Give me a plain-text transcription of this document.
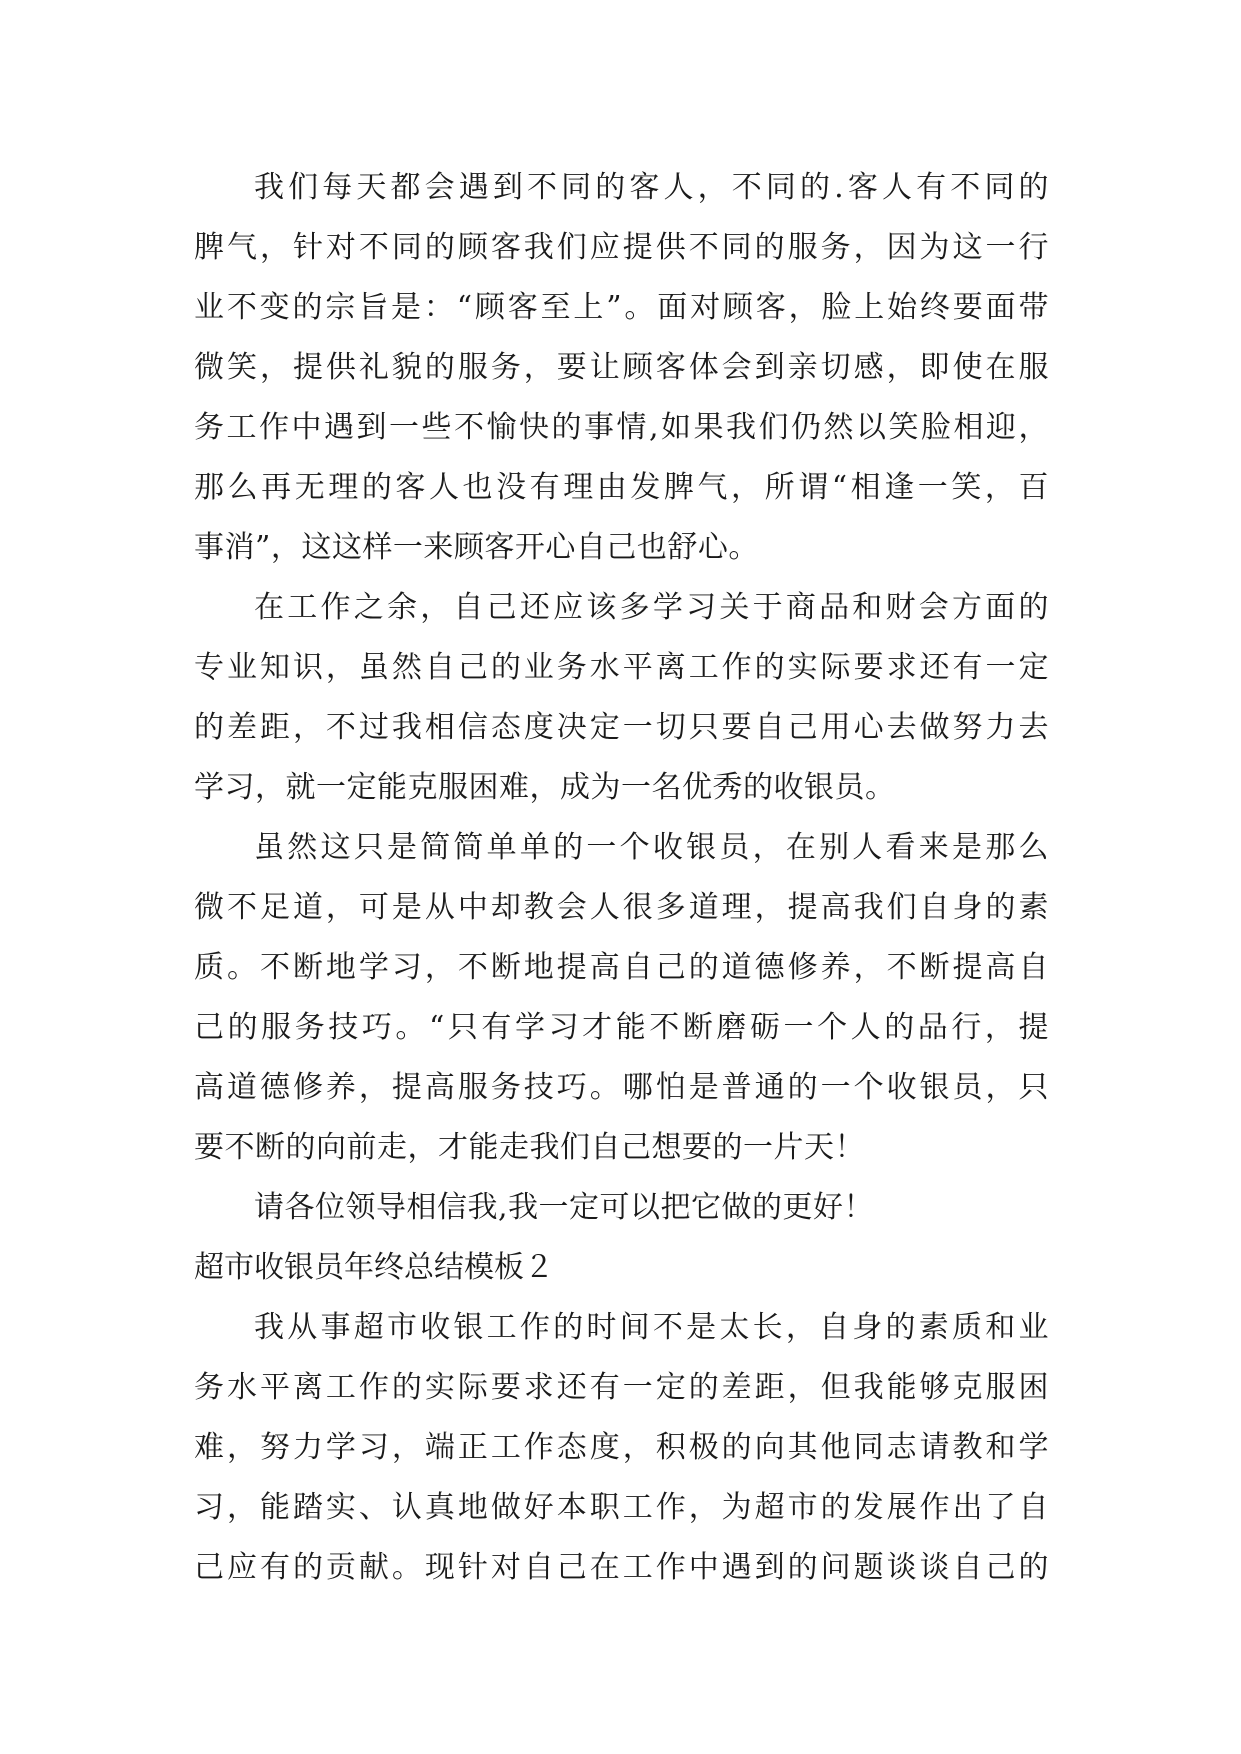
我们每天都会遇到不同的客人，不同的.客人有不同的
脾气，针对不同的顾客我们应提供不同的服务，因为这一行
业不变的宗旨是：“顾客至上”。面对顾客，脸上始终要面带
微笑，提供礼貌的服务，要让顾客体会到亲切感，即使在服
务工作中遇到一些不愉快的事情,如果我们仍然以笑脸相迎，
那么再无理的客人也没有理由发脾气，所谓“相逢一笑，百
事消”，这这样一来顾客开心自己也舒心。
在工作之余，自己还应该多学习关于商品和财会方面的
专业知识，虽然自己的业务水平离工作的实际要求还有一定
的差距，不过我相信态度决定一切只要自己用心去做努力去
学习，就一定能克服困难，成为一名优秀的收银员。
虽然这只是简简单单的一个收银员，在别人看来是那么
微不足道，可是从中却教会人很多道理，提高我们自身的素
质。不断地学习，不断地提高自己的道德修养，不断提高自
己的服务技巧。“只有学习才能不断磨砺一个人的品行，提
高道德修养，提高服务技巧。哪怕是普通的一个收银员，只
要不断的向前走，才能走我们自己想要的一片天！
请各位领导相信我,我一定可以把它做的更好！
超市收银员年终总结模板２
我从事超市收银工作的时间不是太长，自身的素质和业
务水平离工作的实际要求还有一定的差距，但我能够克服困
难，努力学习，端正工作态度，积极的向其他同志请教和学
习，能踏实、认真地做好本职工作，为超市的发展作出了自
己应有的贡献。现针对自己在工作中遇到的问题谈谈自己的
